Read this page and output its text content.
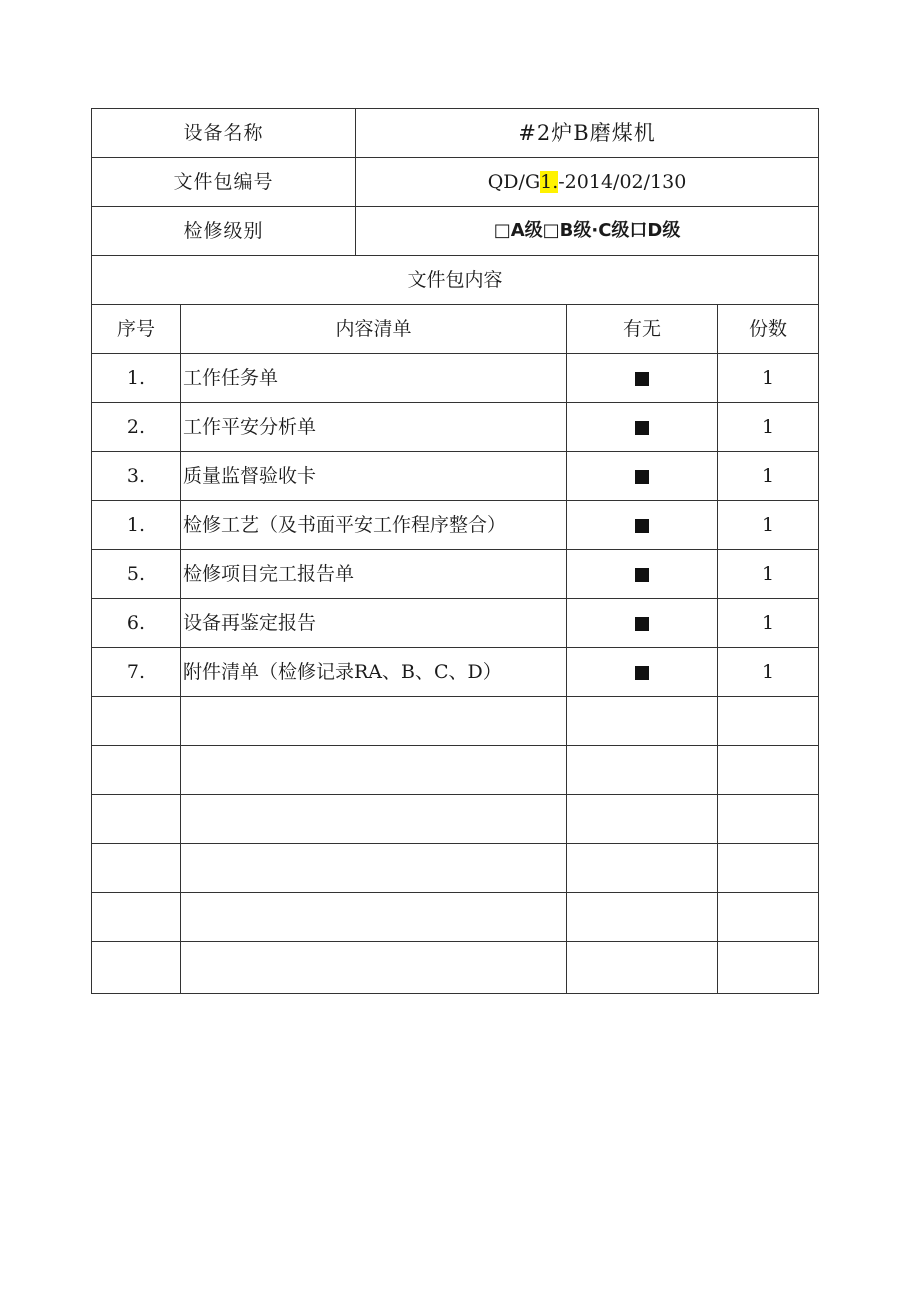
设备名称		#2炉B磨煤机		
文件包编号		QD/G1.-2014/02/130		
检修级别		□A级□B级·C级口D级		
文件包内容				
序号	内容清单		有无	份数
1.	工作任务单			1
2.	工作平安分析单			1
3.	质量监督验收卡			1
1.	检修工艺（及书面平安工作程序整合）			1
5.	检修项目完工报告单			1
6.	设备再鉴定报告			1
7.	附件清单（检修记录RA、B、C、D）			1
